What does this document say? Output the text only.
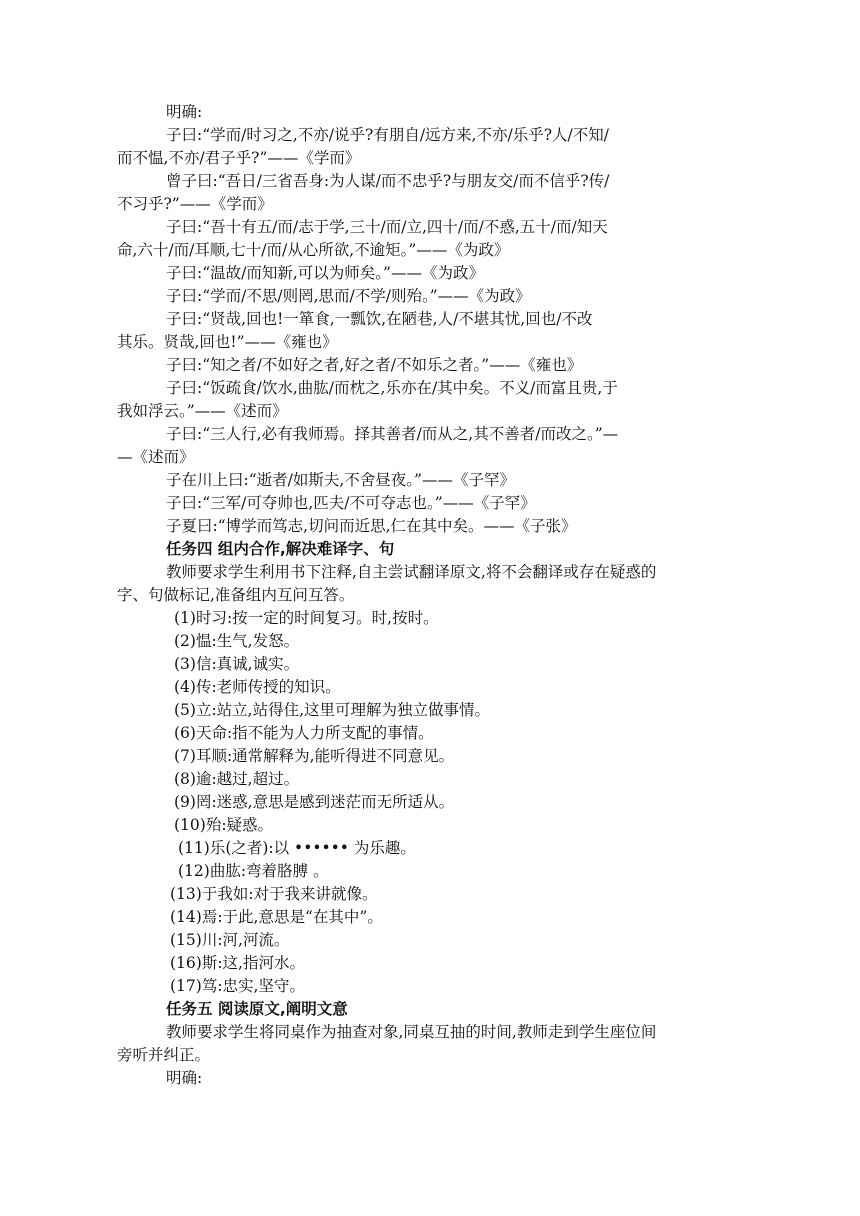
明确:
子曰:“学而/时习之,不亦/说乎?有朋自/远方来,不亦/乐乎?人/不知/
而不愠,不亦/君子乎?”——《学而》
曾子曰:“吾日/三省吾身:为人谋/而不忠乎?与朋友交/而不信乎?传/
不习乎?”——《学而》
子曰:“吾十有五/而/志于学,三十/而/立,四十/而/不惑,五十/而/知天
命,六十/而/耳顺,七十/而/从心所欲,不逾矩。”——《为政》
子曰:“温故/而知新,可以为师矣。”——《为政》
子曰:“学而/不思/则罔,思而/不学/则殆。”——《为政》
子曰:“贤哉,回也!一箪食,一瓢饮,在陋巷,人/不堪其忧,回也/不改
其乐。贤哉,回也!”——《雍也》
子曰:“知之者/不如好之者,好之者/不如乐之者。”——《雍也》
子曰:“饭疏食/饮水,曲肱/而枕之,乐亦在/其中矣。不义/而富且贵,于
我如浮云。”——《述而》
子曰:“三人行,必有我师焉。择其善者/而从之,其不善者/而改之。”—
—《述而》
子在川上曰:“逝者/如斯夫,不舍昼夜。”——《子罕》
子曰:“三军/可夺帅也,匹夫/不可夺志也。”——《子罕》
子夏曰:“博学而笃志,切问而近思,仁在其中矣。——《子张》
任务四 组内合作,解决难译字、句
教师要求学生利用书下注释,自主尝试翻译原文,将不会翻译或存在疑惑的
字、句做标记,准备组内互问互答。
(1)时习:按一定的时间复习。时,按时。
(2)愠:生气,发怒。
(3)信:真诚,诚实。
(4)传:老师传授的知识。
(5)立:站立,站得住,这里可理解为独立做事情。
(6)天命:指不能为人力所支配的事情。
(7)耳顺:通常解释为,能听得进不同意见。
(8)逾:越过,超过。
(9)罔:迷惑,意思是感到迷茫而无所适从。
(10)殆:疑惑。
(11)乐(之者):以 •••••• 为乐趣。
(12)曲肱:弯着胳膊 。
(13)于我如:对于我来讲就像。
(14)焉:于此,意思是“在其中”。
(15)川:河,河流。
(16)斯:这,指河水。
(17)笃:忠实,坚守。
任务五 阅读原文,阐明文意
教师要求学生将同桌作为抽查对象,同桌互抽的时间,教师走到学生座位间
旁听并纠正。
明确:
